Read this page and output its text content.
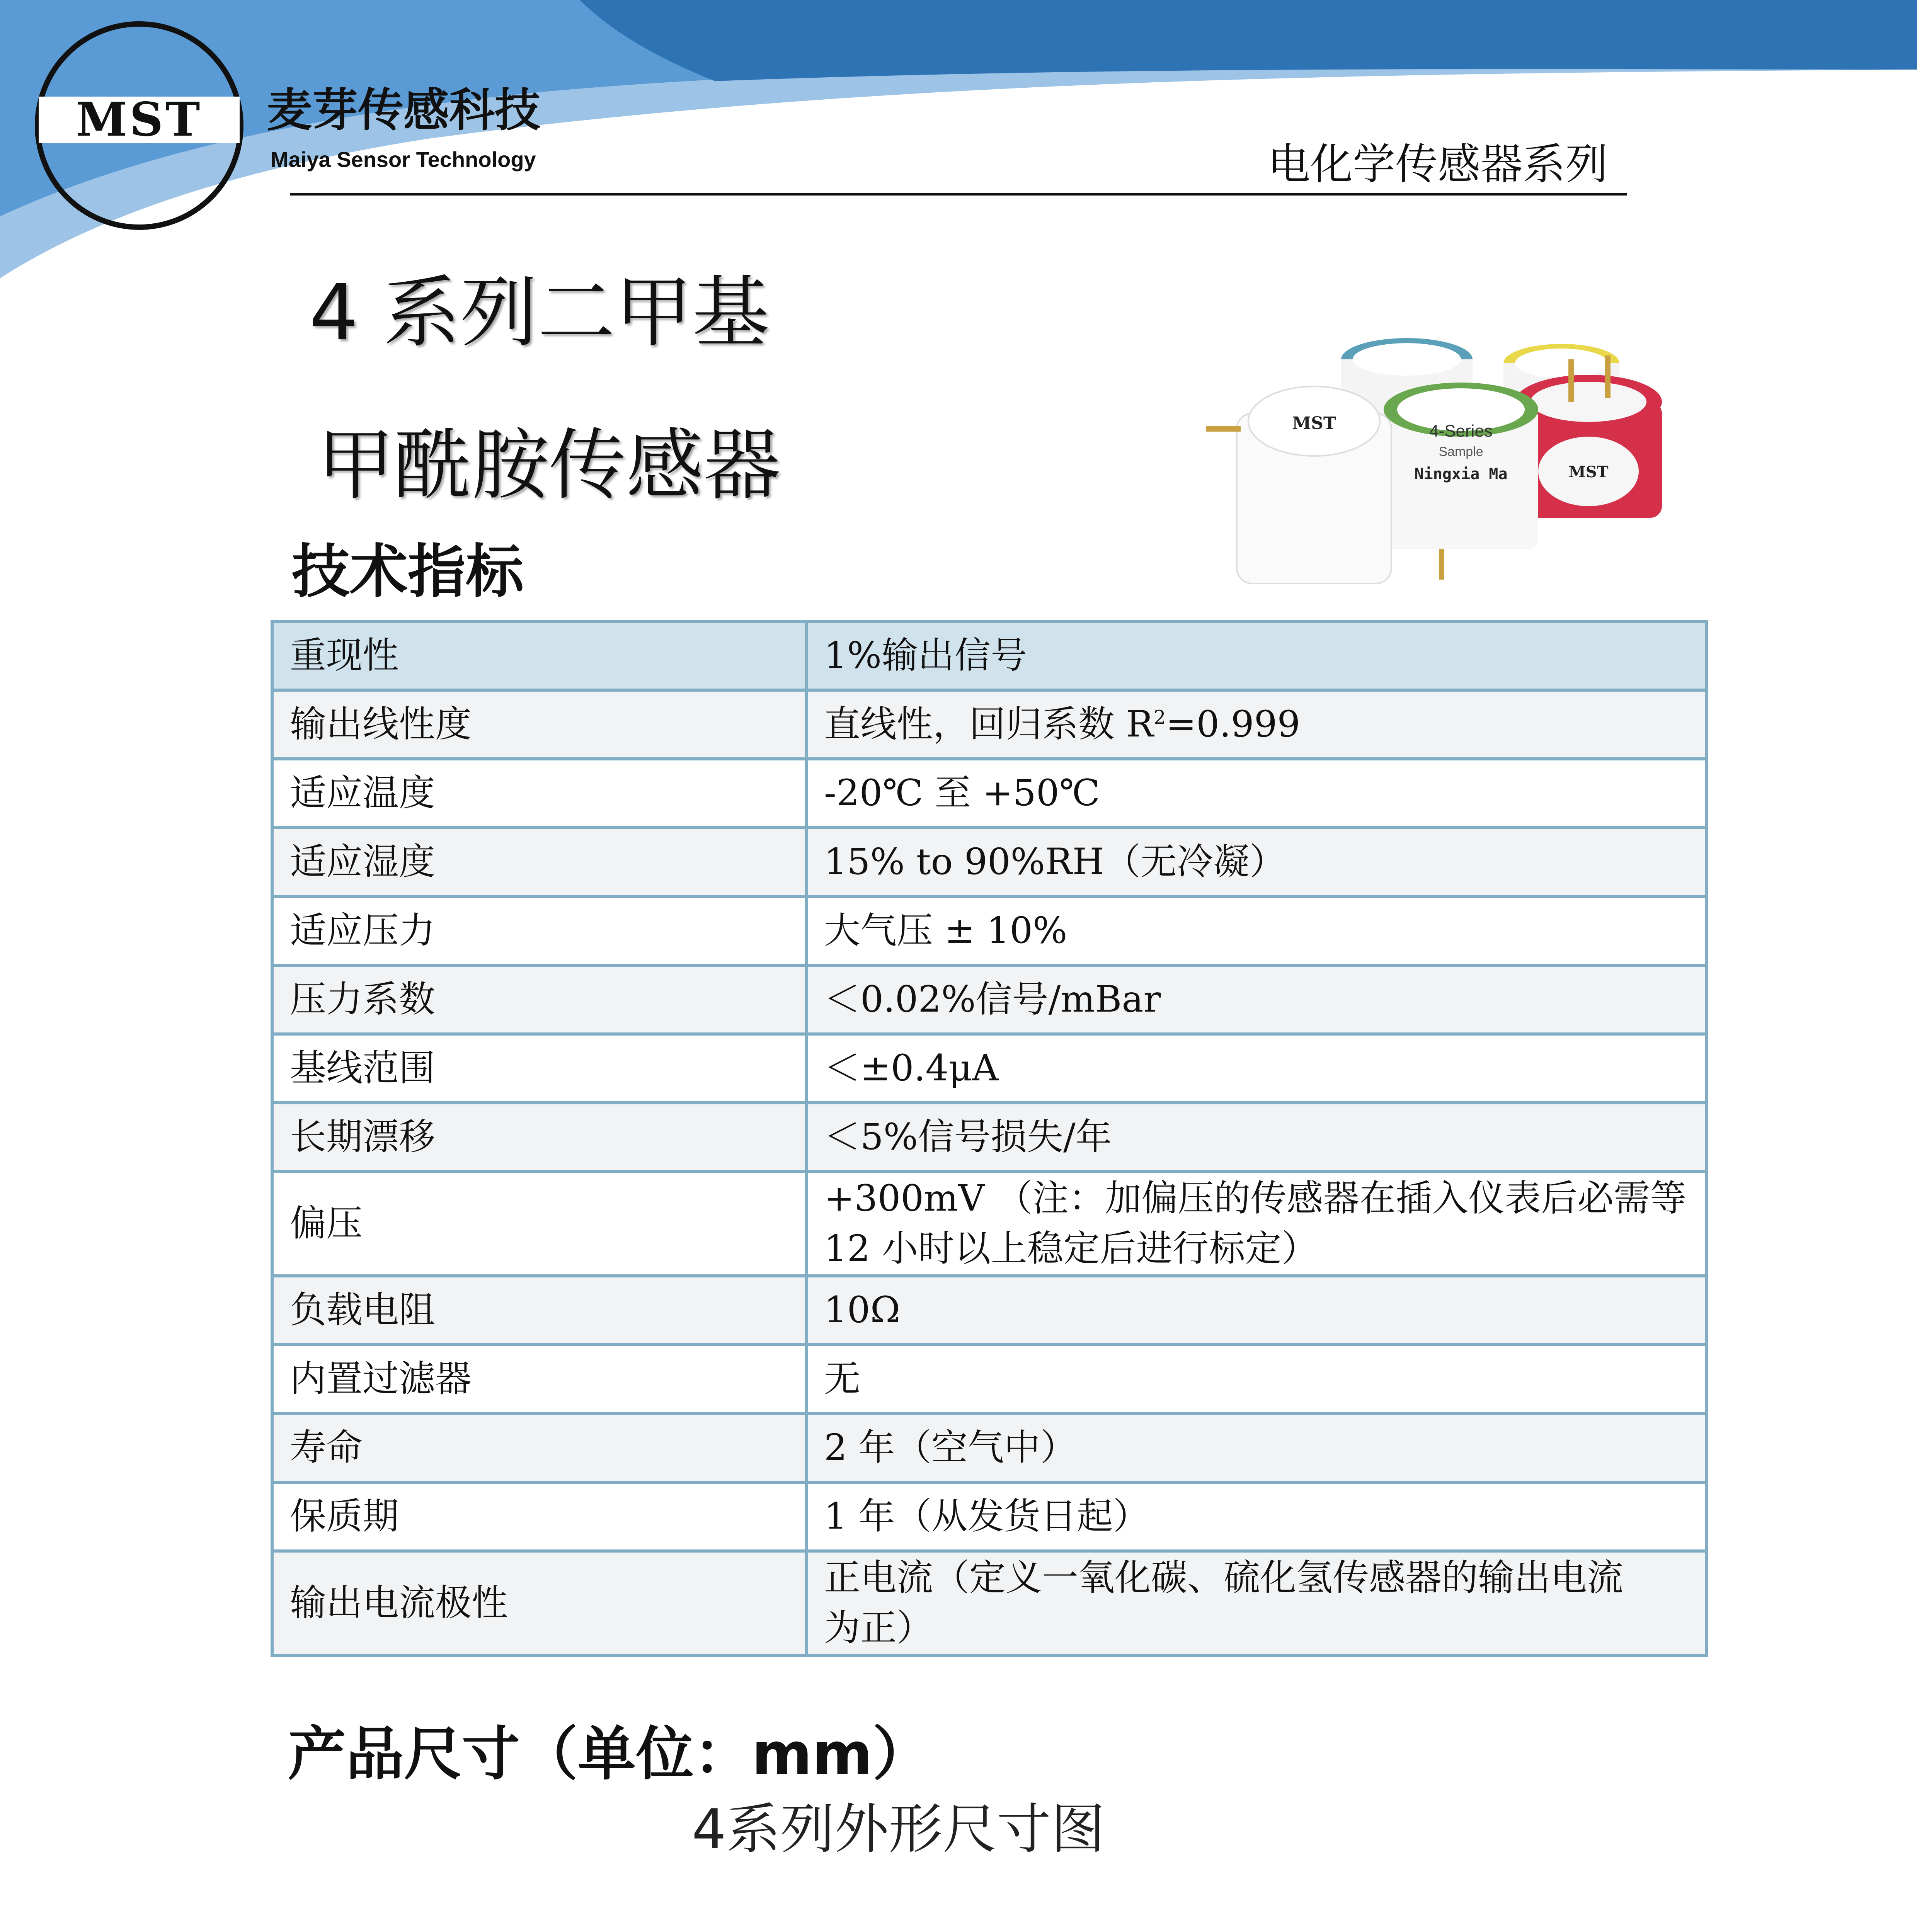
MST	麦芽传感科技
Maiya Sensor Technology	电化学传感器系列
4 系列二甲基
甲酰胺传感器	MST
4-Series
Sample
Ningxia Ma
MST
技术指标
重现性	1%输出信号
输出线性度	直线性，回归系数 $R^2=0.999$
适应温度	-20℃ 至 +50℃
适应湿度	15% to 90%RH（无冷凝）
适应压力	大气压 ± 10%
压力系数	＜0.02%信号/mBar
基线范围	＜±0.4μA
长期漂移	＜5%信号损失/年
偏压	+300mV （注：加偏压的传感器在插入仪表后必需等
12 小时以上稳定后进行标定）

负载电阻	10Ω
内置过滤器	无
寿命	2 年（空气中）
保质期	1 年（从发货日起）
输出电流极性	正电流（定义一氧化碳、硫化氢传感器的输出电流
为正）
产品尺寸（单位：mm）
4系列外形尺寸图
